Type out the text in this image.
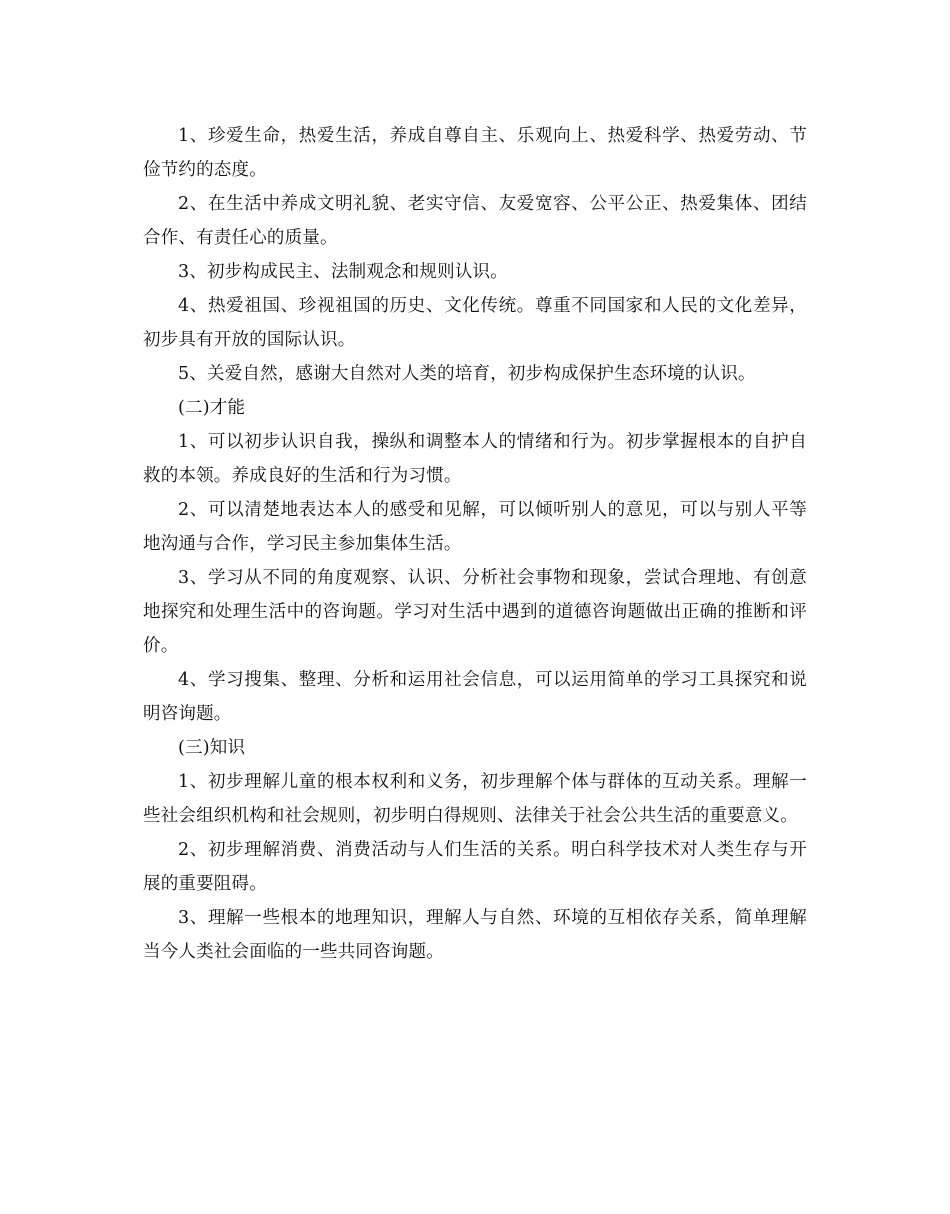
1、珍爱生命，热爱生活，养成自尊自主、乐观向上、热爱科学、热爱劳动、节俭节约的态度。

2、在生活中养成文明礼貌、老实守信、友爱宽容、公平公正、热爱集体、团结合作、有责任心的质量。

3、初步构成民主、法制观念和规则认识。

4、热爱祖国、珍视祖国的历史、文化传统。尊重不同国家和人民的文化差异，初步具有开放的国际认识。

5、关爱自然，感谢大自然对人类的培育，初步构成保护生态环境的认识。

(二)才能

1、可以初步认识自我，操纵和调整本人的情绪和行为。初步掌握根本的自护自救的本领。养成良好的生活和行为习惯。

2、可以清楚地表达本人的感受和见解，可以倾听别人的意见，可以与别人平等地沟通与合作，学习民主参加集体生活。

3、学习从不同的角度观察、认识、分析社会事物和现象，尝试合理地、有创意地探究和处理生活中的咨询题。学习对生活中遇到的道德咨询题做出正确的推断和评价。

4、学习搜集、整理、分析和运用社会信息，可以运用简单的学习工具探究和说明咨询题。

(三)知识

1、初步理解儿童的根本权利和义务，初步理解个体与群体的互动关系。理解一些社会组织机构和社会规则，初步明白得规则、法律关于社会公共生活的重要意义。

2、初步理解消费、消费活动与人们生活的关系。明白科学技术对人类生存与开展的重要阻碍。

3、理解一些根本的地理知识，理解人与自然、环境的互相依存关系，简单理解当今人类社会面临的一些共同咨询题。
